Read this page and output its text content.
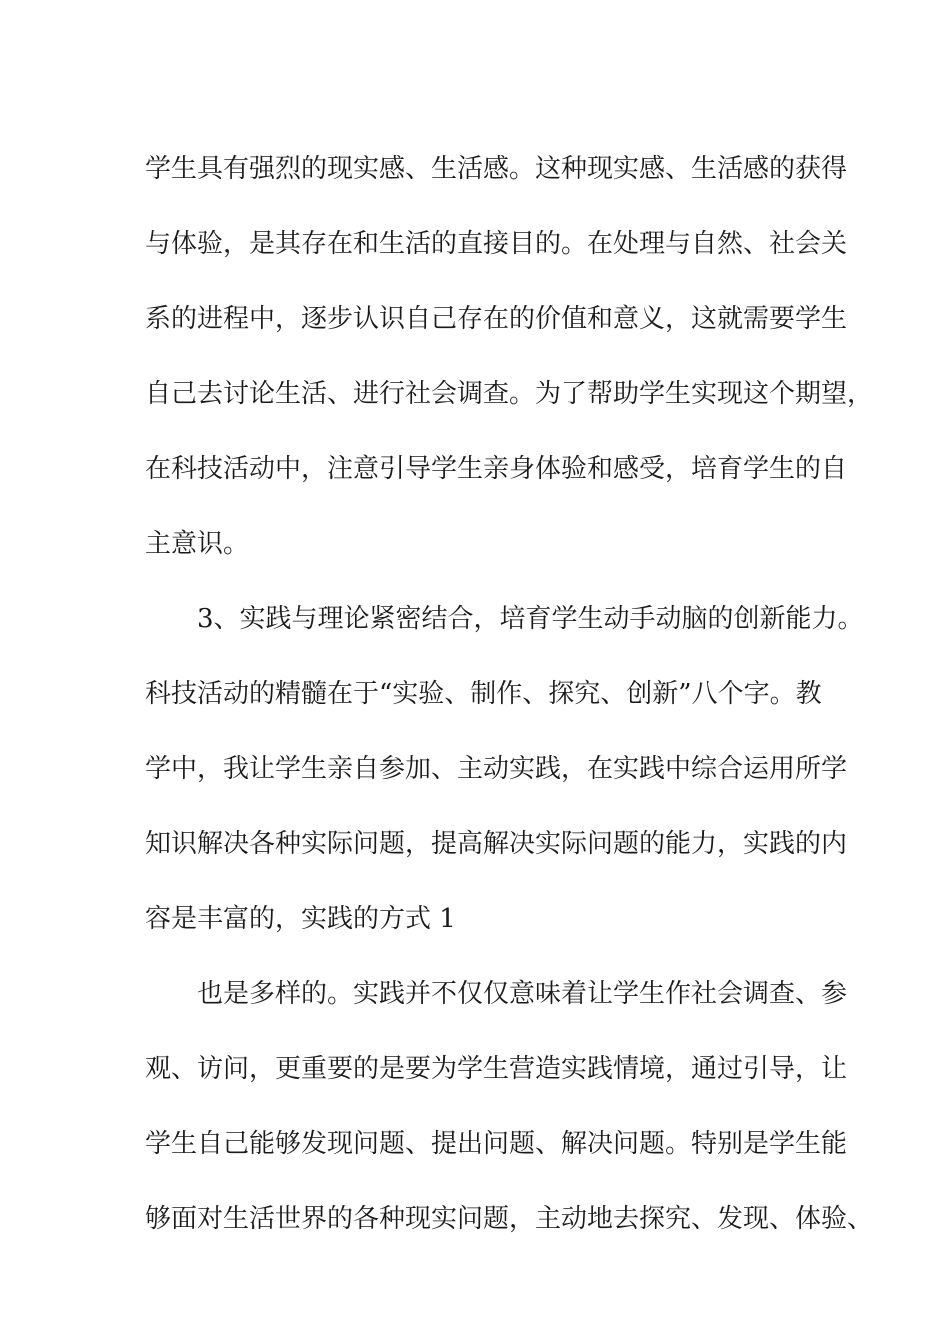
学生具有强烈的现实感、生活感。这种现实感、生活感的获得
与体验，是其存在和生活的直接目的。在处理与自然、社会关
系的进程中，逐步认识自己存在的价值和意义，这就需要学生
自己去讨论生活、进行社会调查。为了帮助学生实现这个期望，
在科技活动中，注意引导学生亲身体验和感受，培育学生的自
主意识。

3、实践与理论紧密结合，培育学生动手动脑的创新能力。
科技活动的精髓在于“实验、制作、探究、创新”八个字。教
学中，我让学生亲自参加、主动实践，在实践中综合运用所学
知识解决各种实际问题，提高解决实际问题的能力，实践的内
容是丰富的，实践的方式 1

也是多样的。实践并不仅仅意味着让学生作社会调查、参
观、访问，更重要的是要为学生营造实践情境，通过引导，让
学生自己能够发现问题、提出问题、解决问题。特别是学生能
够面对生活世界的各种现实问题，主动地去探究、发现、体验、
